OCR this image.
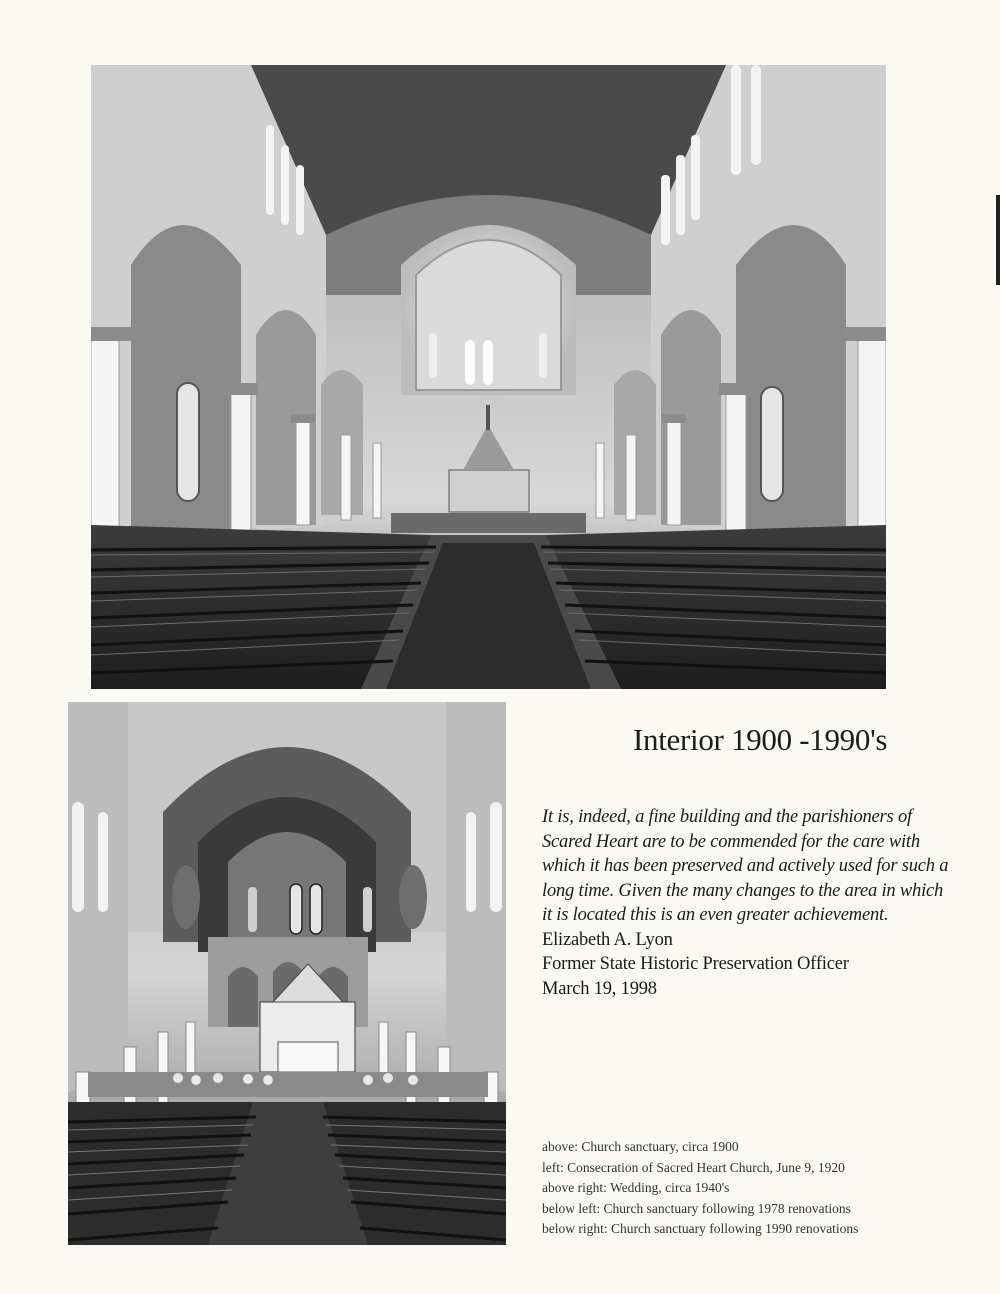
Interior 1900 -1990's

It is, indeed, a fine building and the parishioners of Scared Heart are to be commended for the care with which it has been preserved and actively used for such a long time. Given the many changes to the area in which it is located this is an even greater achievement.

Elizabeth A. Lyon

Former State Historic Preservation Officer

March 19, 1998

above: Church sanctuary, circa 1900
left: Consecration of Sacred Heart Church, June 9, 1920
above right: Wedding, circa 1940's
below left: Church sanctuary following 1978 renovations
below right: Church sanctuary following 1990 renovations
